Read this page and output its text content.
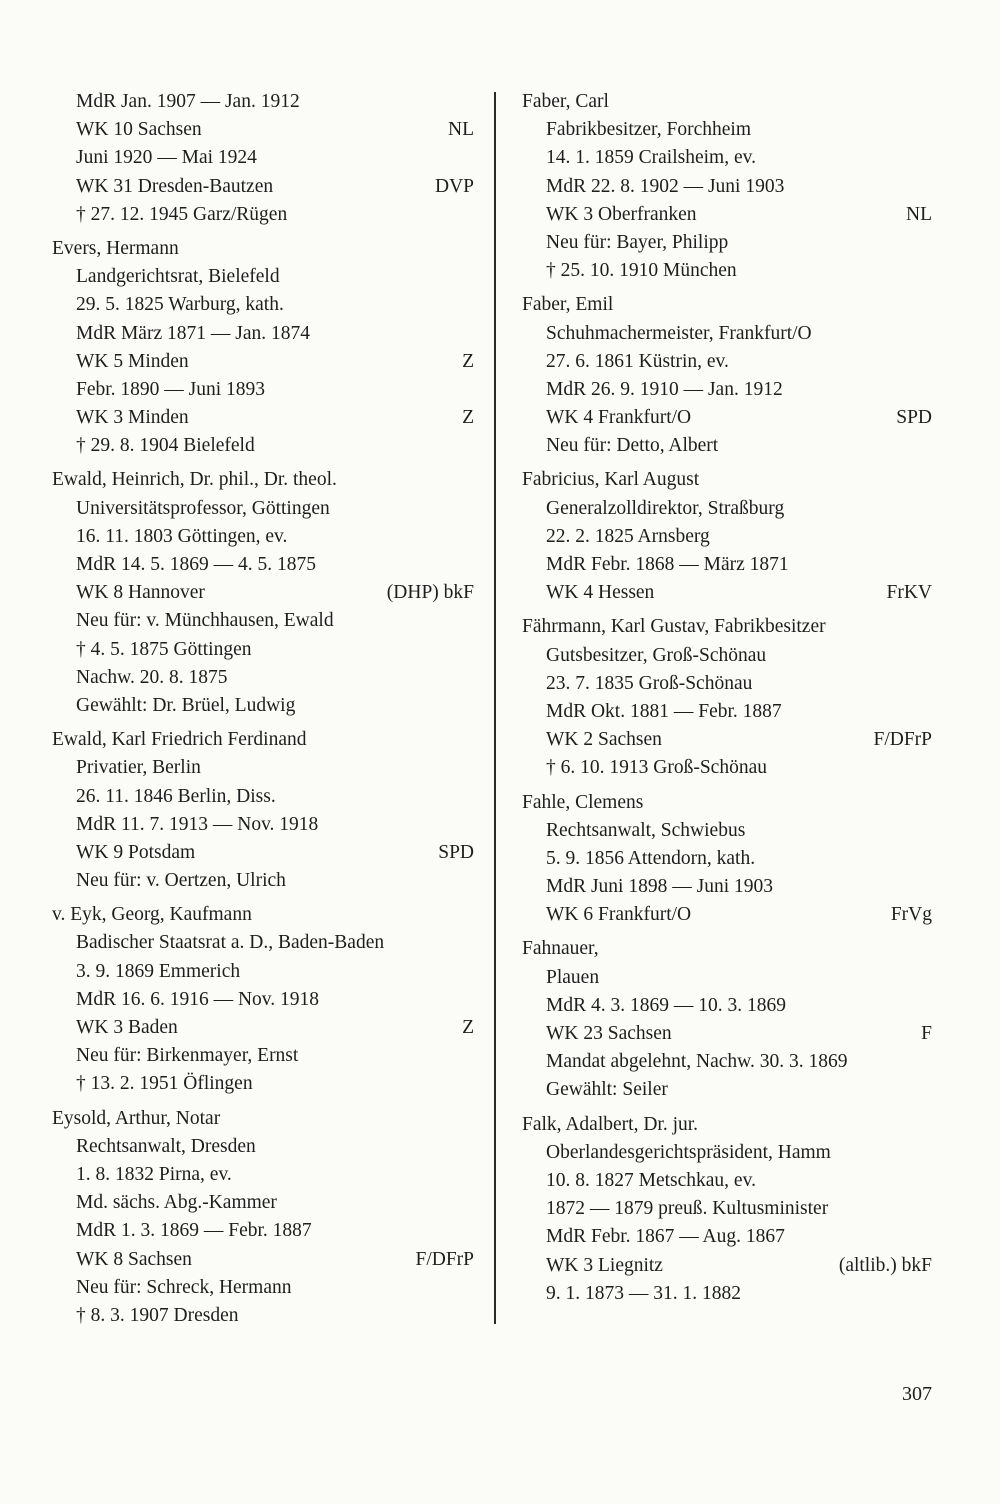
MdR Jan. 1907 — Jan. 1912
WK 10 Sachsen	NL
Juni 1920 — Mai 1924
WK 31 Dresden-Bautzen	DVP
† 27. 12. 1945 Garz/Rügen
Evers, Hermann
Landgerichtsrat, Bielefeld
29. 5. 1825 Warburg, kath.
MdR März 1871 — Jan. 1874
WK 5 Minden	Z
Febr. 1890 — Juni 1893
WK 3 Minden	Z
† 29. 8. 1904 Bielefeld
Ewald, Heinrich, Dr. phil., Dr. theol.
Universitätsprofessor, Göttingen
16. 11. 1803 Göttingen, ev.
MdR 14. 5. 1869 — 4. 5. 1875
WK 8 Hannover	(DHP) bkF
Neu für: v. Münchhausen, Ewald
† 4. 5. 1875 Göttingen
Nachw. 20. 8. 1875
Gewählt: Dr. Brüel, Ludwig
Ewald, Karl Friedrich Ferdinand
Privatier, Berlin
26. 11. 1846 Berlin, Diss.
MdR 11. 7. 1913 — Nov. 1918
WK 9 Potsdam	SPD
Neu für: v. Oertzen, Ulrich
v. Eyk, Georg, Kaufmann
Badischer Staatsrat a. D., Baden-Baden
3. 9. 1869 Emmerich
MdR 16. 6. 1916 — Nov. 1918
WK 3 Baden	Z
Neu für: Birkenmayer, Ernst
† 13. 2. 1951 Öflingen
Eysold, Arthur, Notar
Rechtsanwalt, Dresden
1. 8. 1832 Pirna, ev.
Md. sächs. Abg.-Kammer
MdR 1. 3. 1869 — Febr. 1887
WK 8 Sachsen	F/DFrP
Neu für: Schreck, Hermann
† 8. 3. 1907 Dresden
Faber, Carl
Fabrikbesitzer, Forchheim
14. 1. 1859 Crailsheim, ev.
MdR 22. 8. 1902 — Juni 1903
WK 3 Oberfranken	NL
Neu für: Bayer, Philipp
† 25. 10. 1910 München
Faber, Emil
Schuhmachermeister, Frankfurt/O
27. 6. 1861 Küstrin, ev.
MdR 26. 9. 1910 — Jan. 1912
WK 4 Frankfurt/O	SPD
Neu für: Detto, Albert
Fabricius, Karl August
Generalzolldirektor, Straßburg
22. 2. 1825 Arnsberg
MdR Febr. 1868 — März 1871
WK 4 Hessen	FrKV
Fährmann, Karl Gustav, Fabrikbesitzer
Gutsbesitzer, Groß-Schönau
23. 7. 1835 Groß-Schönau
MdR Okt. 1881 — Febr. 1887
WK 2 Sachsen	F/DFrP
† 6. 10. 1913 Groß-Schönau
Fahle, Clemens
Rechtsanwalt, Schwiebus
5. 9. 1856 Attendorn, kath.
MdR Juni 1898 — Juni 1903
WK 6 Frankfurt/O	FrVg
Fahnauer,
Plauen
MdR 4. 3. 1869 — 10. 3. 1869
WK 23 Sachsen	F
Mandat abgelehnt, Nachw. 30. 3. 1869
Gewählt: Seiler
Falk, Adalbert, Dr. jur.
Oberlandesgerichtspräsident, Hamm
10. 8. 1827 Metschkau, ev.
1872 — 1879 preuß. Kultusminister
MdR Febr. 1867 — Aug. 1867
WK 3 Liegnitz	(altlib.) bkF
9. 1. 1873 — 31. 1. 1882
307
